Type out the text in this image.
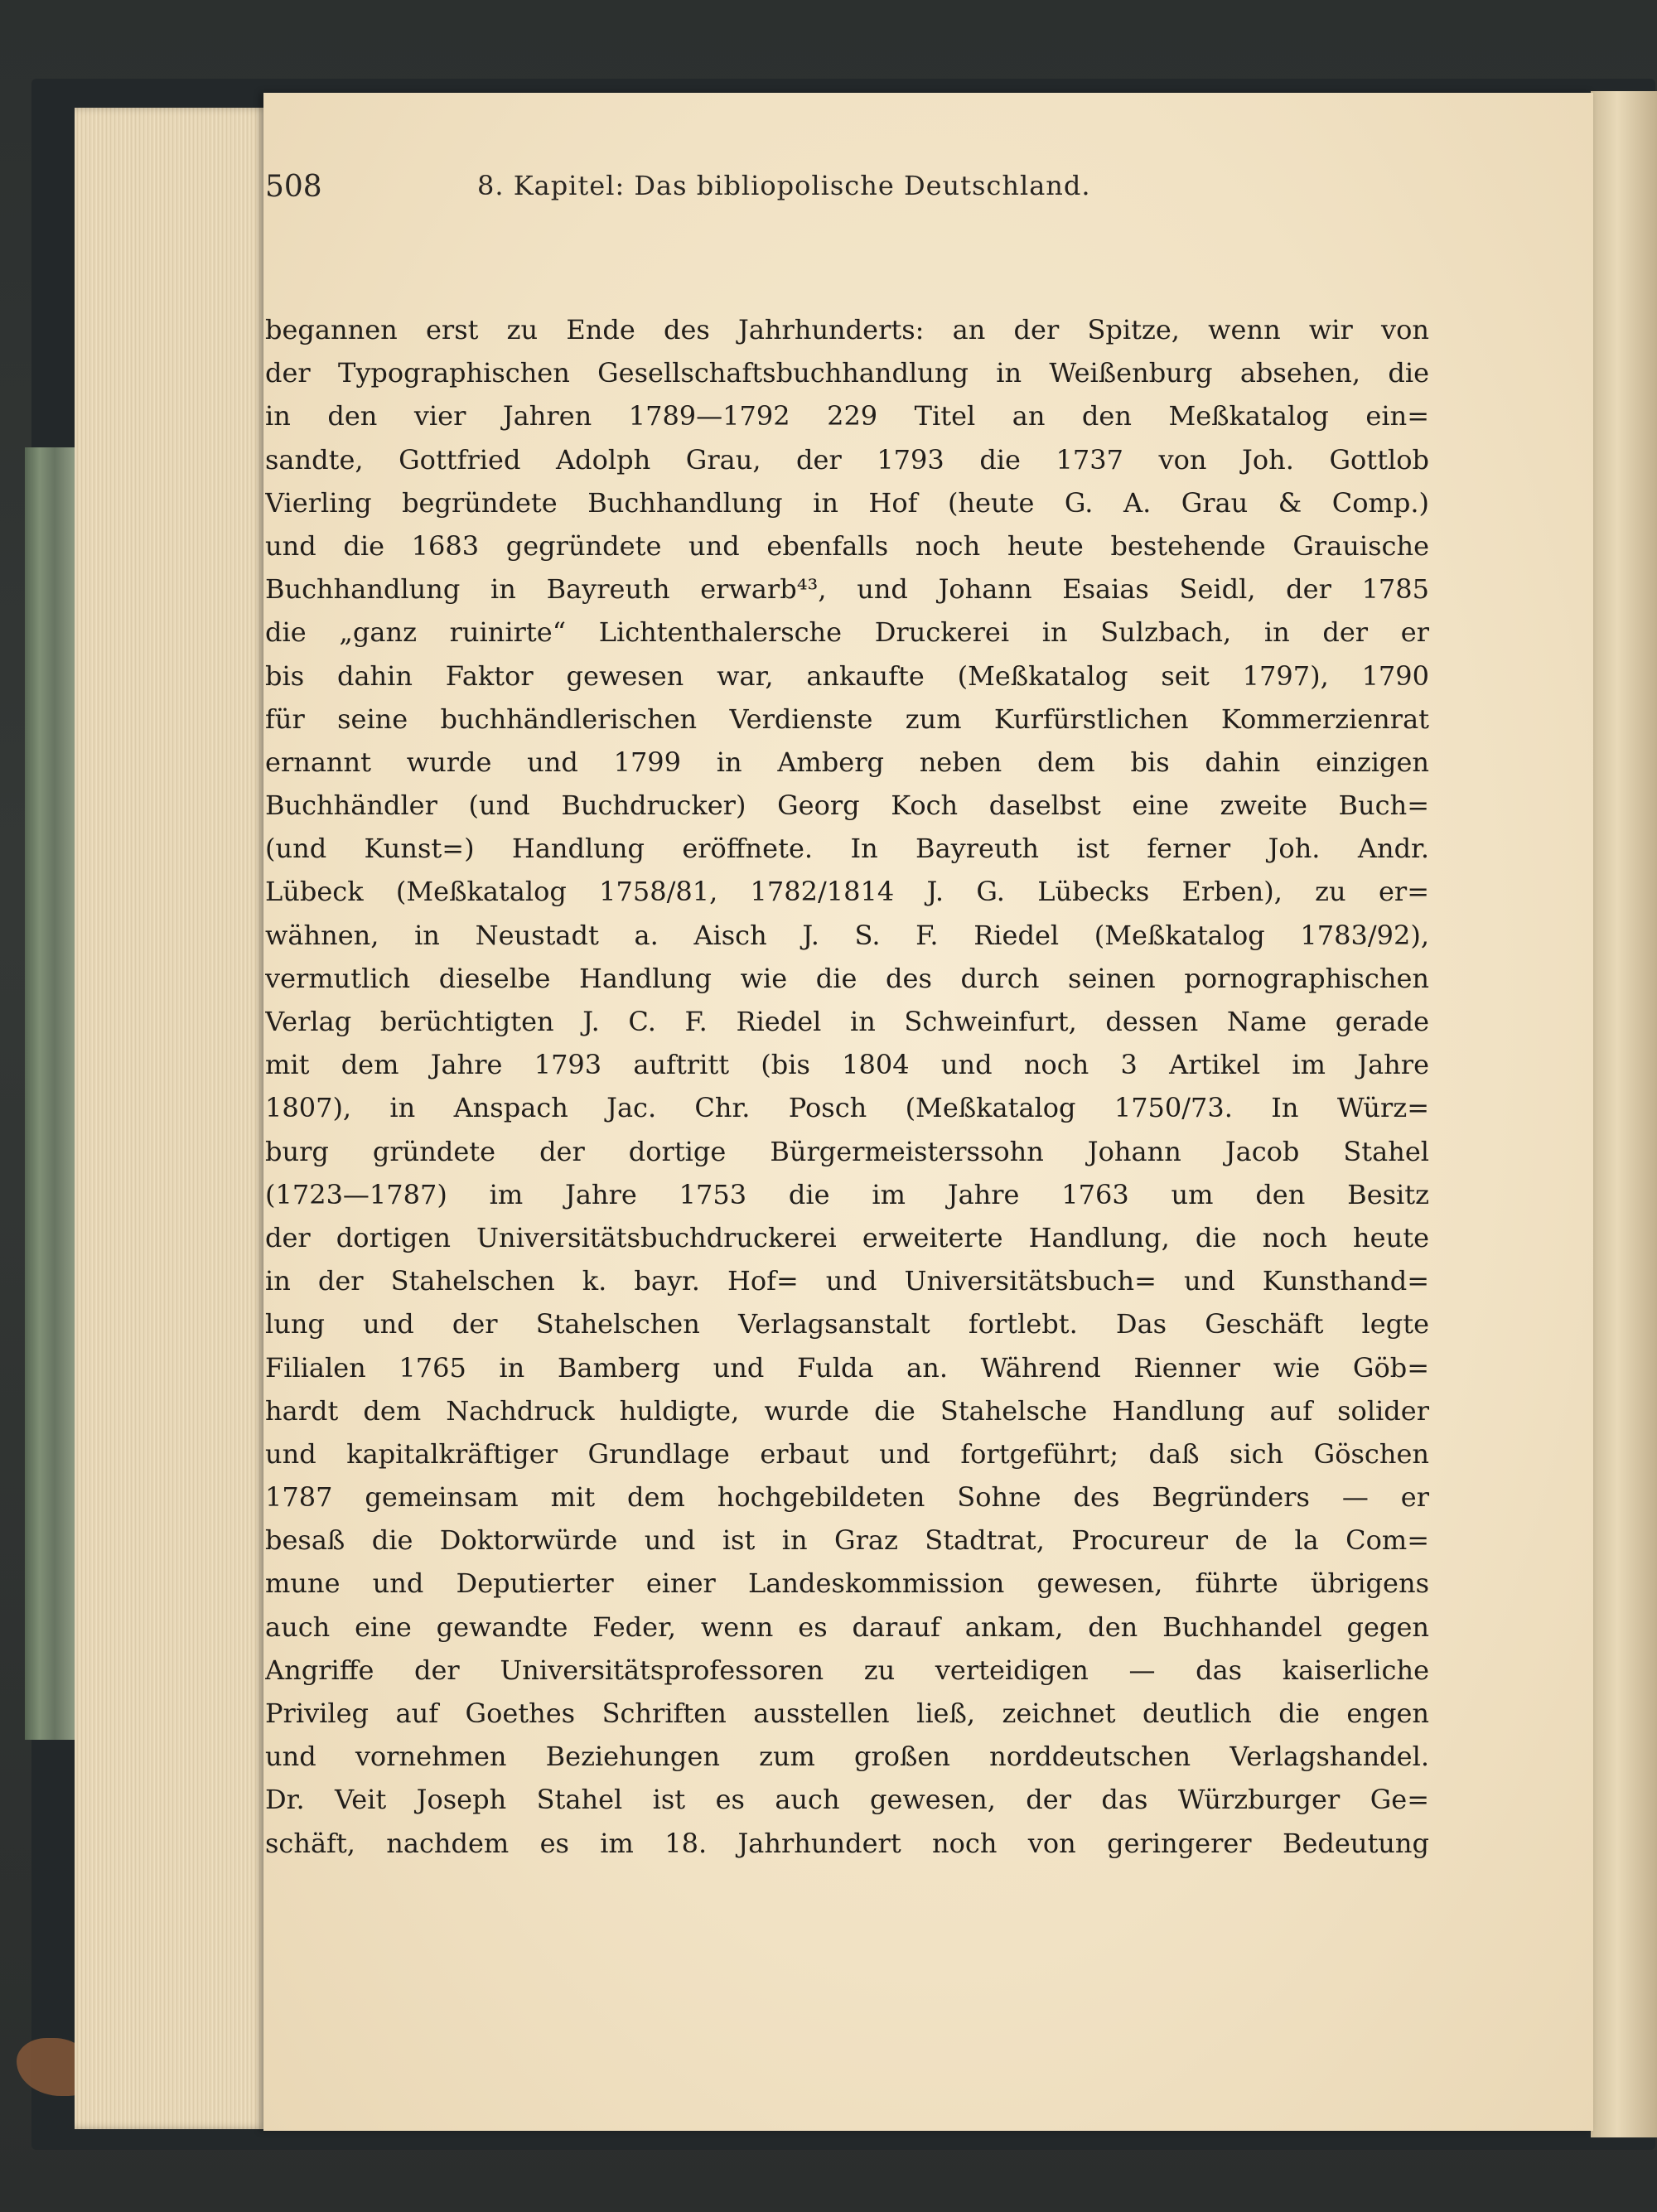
508	8. Kapitel: Das bibliopolische Deutschland.
begannen erst zu Ende des Jahrhunderts: an der Spitze, wenn wir von
der Typographischen Gesellschaftsbuchhandlung in Weißenburg absehen, die
in den vier Jahren 1789—1792 229 Titel an den Meßkatalog ein=
sandte, Gottfried Adolph Grau, der 1793 die 1737 von Joh. Gottlob
Vierling begründete Buchhandlung in Hof (heute G. A. Grau & Comp.)
und die 1683 gegründete und ebenfalls noch heute bestehende Grauische
Buchhandlung in Bayreuth erwarb⁴³, und Johann Esaias Seidl, der 1785
die „ganz ruinirte“ Lichtenthalersche Druckerei in Sulzbach, in der er
bis dahin Faktor gewesen war, ankaufte (Meßkatalog seit 1797), 1790
für seine buchhändlerischen Verdienste zum Kurfürstlichen Kommerzienrat
ernannt wurde und 1799 in Amberg neben dem bis dahin einzigen
Buchhändler (und Buchdrucker) Georg Koch daselbst eine zweite Buch=
(und Kunst=) Handlung eröffnete. In Bayreuth ist ferner Joh. Andr.
Lübeck (Meßkatalog 1758/81, 1782/1814 J. G. Lübecks Erben), zu er=
wähnen, in Neustadt a. Aisch J. S. F. Riedel (Meßkatalog 1783/92),
vermutlich dieselbe Handlung wie die des durch seinen pornographischen
Verlag berüchtigten J. C. F. Riedel in Schweinfurt, dessen Name gerade
mit dem Jahre 1793 auftritt (bis 1804 und noch 3 Artikel im Jahre
1807), in Anspach Jac. Chr. Posch (Meßkatalog 1750/73. In Würz=
burg gründete der dortige Bürgermeisterssohn Johann Jacob Stahel
(1723—1787) im Jahre 1753 die im Jahre 1763 um den Besitz
der dortigen Universitätsbuchdruckerei erweiterte Handlung, die noch heute
in der Stahelschen k. bayr. Hof= und Universitätsbuch= und Kunsthand=
lung und der Stahelschen Verlagsanstalt fortlebt. Das Geschäft legte
Filialen 1765 in Bamberg und Fulda an. Während Rienner wie Göb=
hardt dem Nachdruck huldigte, wurde die Stahelsche Handlung auf solider
und kapitalkräftiger Grundlage erbaut und fortgeführt; daß sich Göschen
1787 gemeinsam mit dem hochgebildeten Sohne des Begründers — er
besaß die Doktorwürde und ist in Graz Stadtrat, Procureur de la Com=
mune und Deputierter einer Landeskommission gewesen, führte übrigens
auch eine gewandte Feder, wenn es darauf ankam, den Buchhandel gegen
Angriffe der Universitätsprofessoren zu verteidigen — das kaiserliche
Privileg auf Goethes Schriften ausstellen ließ, zeichnet deutlich die engen
und vornehmen Beziehungen zum großen norddeutschen Verlagshandel.
Dr. Veit Joseph Stahel ist es auch gewesen, der das Würzburger Ge=
schäft, nachdem es im 18. Jahrhundert noch von geringerer Bedeutung
